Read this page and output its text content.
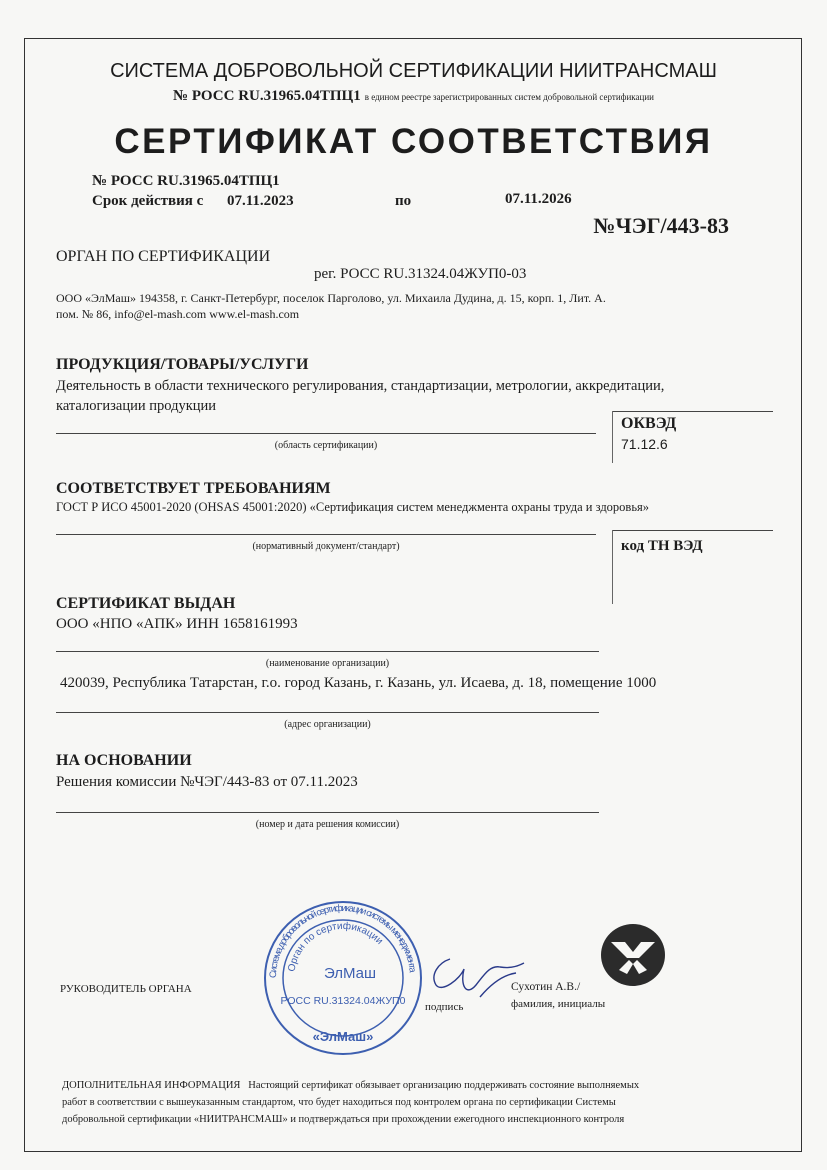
СИСТЕМА ДОБРОВОЛЬНОЙ СЕРТИФИКАЦИИ НИИТРАНСМАШ
№ РОСС RU.31965.04ТПЦ1 в едином реестре зарегистрированных систем добровольной сертификации
СЕРТИФИКАТ СООТВЕТСТВИЯ
№ РОСС RU.31965.04ТПЦ1
Срок действия с 07.11.2023	по	07.11.2026
№ЧЭГ/443-83
ОРГАН ПО СЕРТИФИКАЦИИ
рег. РОСС RU.31324.04ЖУП0-03
ООО «ЭлМаш» 194358, г. Санкт-Петербург, поселок Парголово, ул. Михаила Дудина, д. 15, корп. 1, Лит. А.
пом. № 86, info@el-mash.com www.el-mash.com
ПРОДУКЦИЯ/ТОВАРЫ/УСЛУГИ
Деятельность в области технического регулирования, стандартизации, метрологии, аккредитации,
каталогизации продукции
(область сертификации)
ОКВЭД
71.12.6
СООТВЕТСТВУЕТ ТРЕБОВАНИЯМ
ГОСТ Р ИСО 45001-2020 (OHSAS 45001:2020) «Сертификация систем менеджмента охраны труда и здоровья»
(нормативный документ/стандарт)	код ТН ВЭД
СЕРТИФИКАТ ВЫДАН
ООО «НПО «АПК» ИНН 1658161993
(наименование организации)
420039, Республика Татарстан, г.о. город Казань, г. Казань, ул. Исаева, д. 18, помещение 1000
(адрес организации)
НА ОСНОВАНИИ
Решения комиссии №ЧЭГ/443-83 от 07.11.2023
(номер и дата решения комиссии)
РУКОВОДИТЕЛЬ ОРГАНА
Система добровольной сертификации системы менеджмента
Орган по сертификации
ЭлМаш
РОСС RU.31324.04ЖУП0
«ЭлМаш»
подпись
Сухотин А.В./
фамилия, инициалы
ДОПОЛНИТЕЛЬНАЯ ИНФОРМАЦИЯ Настоящий сертификат обязывает организацию поддерживать состояние выполняемых
работ в соответствии с вышеуказанным стандартом, что будет находиться под контролем органа по сертификации Системы
добровольной сертификации «НИИТРАНСМАШ» и подтверждаться при прохождении ежегодного инспекционного контроля
